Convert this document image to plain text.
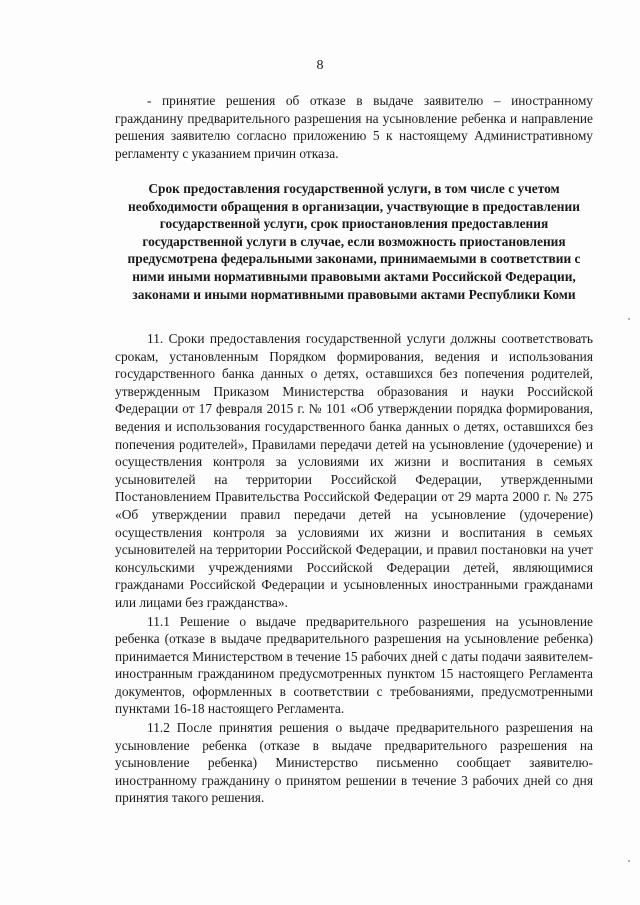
8

- принятие решения об отказе в выдаче заявителю – иностранному гражданину предварительного разрешения на усыновление ребенка и направление решения заявителю согласно приложению 5 к настоящему Административному регламенту с указанием причин отказа.

Срок предоставления государственной услуги, в том числе с учетом необходимости обращения в организации, участвующие в предоставлении государственной услуги, срок приостановления предоставления государственной услуги в случае, если возможность приостановления предусмотрена федеральными законами, принимаемыми в соответствии с ними иными нормативными правовыми актами Российской Федерации, законами и иными нормативными правовыми актами Республики Коми

11. Сроки предоставления государственной услуги должны соответствовать срокам, установленным Порядком формирования, ведения и использования государственного банка данных о детях, оставшихся без попечения родителей, утвержденным Приказом Министерства образования и науки Российской Федерации от 17 февраля 2015 г. № 101 «Об утверждении порядка формирования, ведения и использования государственного банка данных о детях, оставшихся без попечения родителей», Правилами передачи детей на усыновление (удочерение) и осуществления контроля за условиями их жизни и воспитания в семьях усыновителей на территории Российской Федерации, утвержденными Постановлением Правительства Российской Федерации от 29 марта 2000 г. № 275 «Об утверждении правил передачи детей на усыновление (удочерение) осуществления контроля за условиями их жизни и воспитания в семьях усыновителей на территории Российской Федерации, и правил постановки на учет консульскими учреждениями Российской Федерации детей, являющимися гражданами Российской Федерации и усыновленных иностранными гражданами или лицами без гражданства».

11.1 Решение о выдаче предварительного разрешения на усыновление ребенка (отказе в выдаче предварительного разрешения на усыновление ребенка) принимается Министерством в течение 15 рабочих дней с даты подачи заявителем-иностранным гражданином предусмотренных пунктом 15 настоящего Регламента документов, оформленных в соответствии с требованиями, предусмотренными пунктами 16-18 настоящего Регламента.

11.2 После принятия решения о выдаче предварительного разрешения на усыновление ребенка (отказе в выдаче предварительного разрешения на усыновление ребенка) Министерство письменно сообщает заявителю-иностранному гражданину о принятом решении в течение 3 рабочих дней со дня принятия такого решения.
